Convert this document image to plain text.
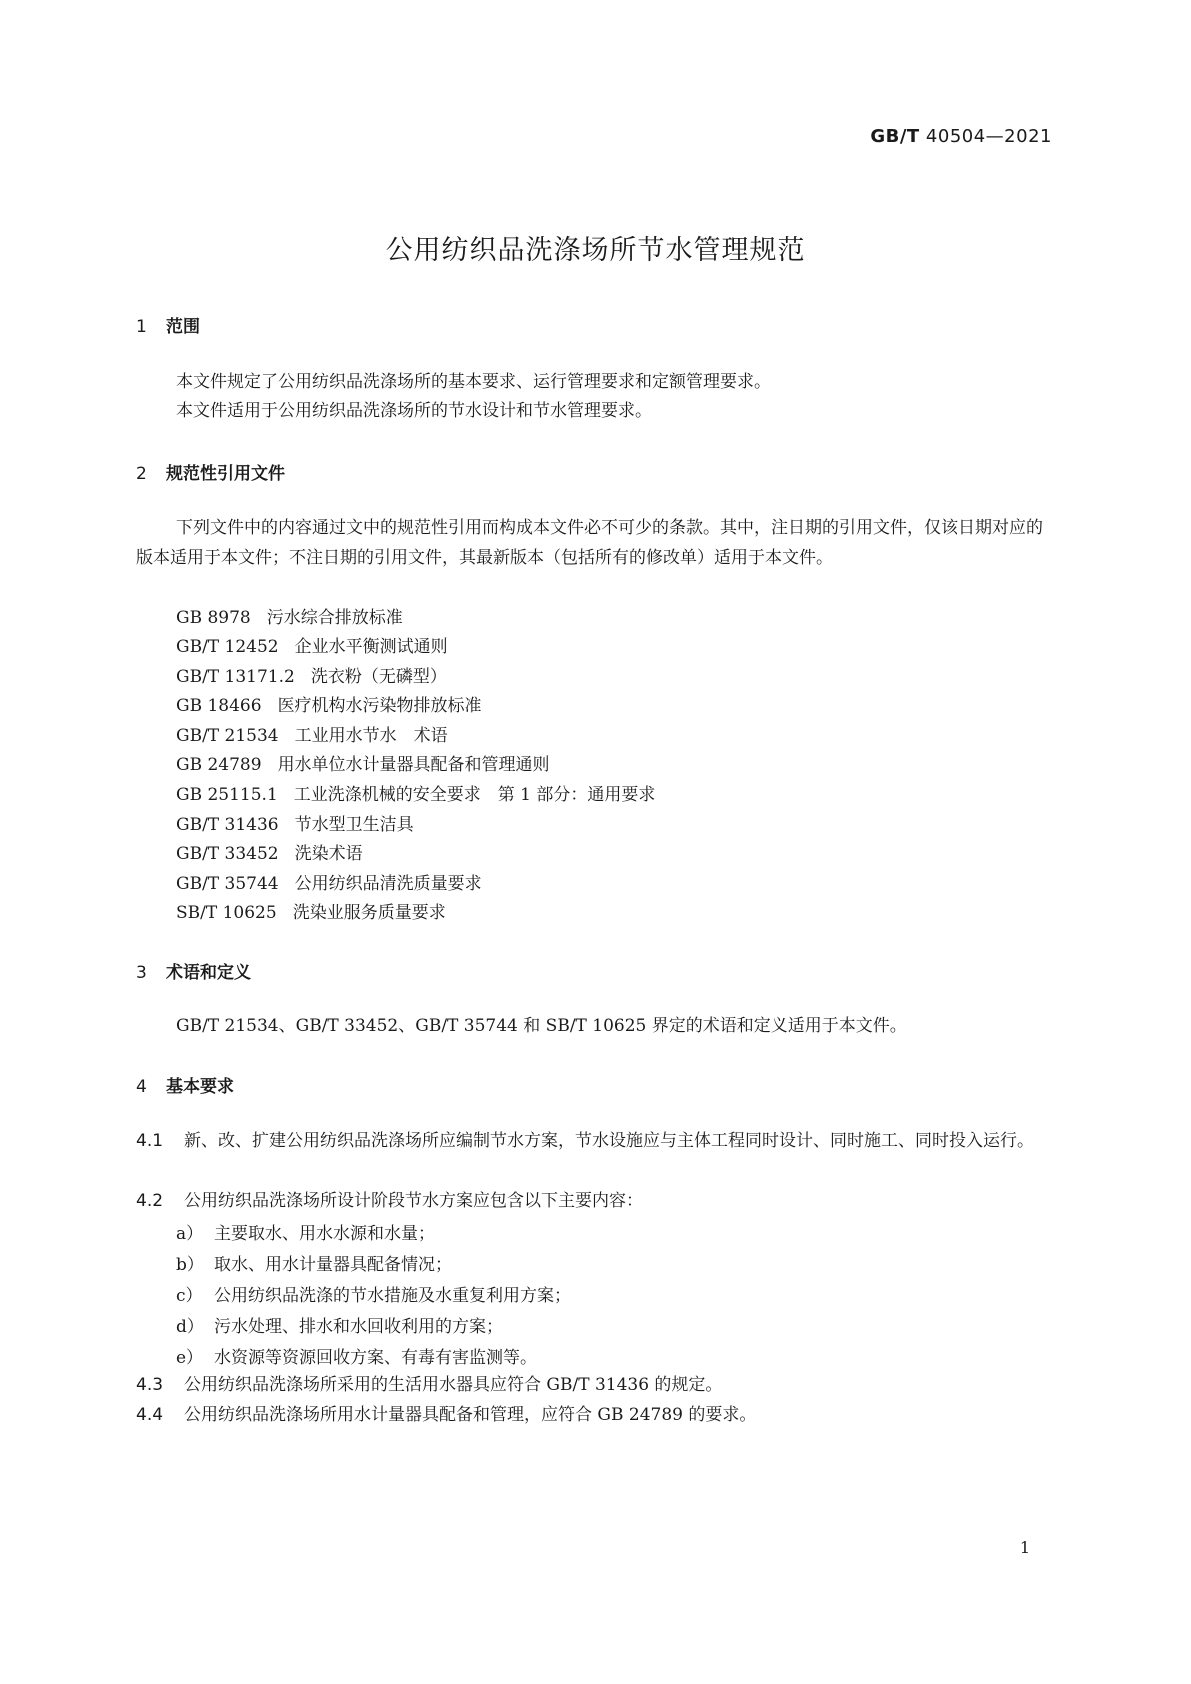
GB/T 40504—2021
公用纺织品洗涤场所节水管理规范
1 范围
本文件规定了公用纺织品洗涤场所的基本要求、运行管理要求和定额管理要求。
本文件适用于公用纺织品洗涤场所的节水设计和节水管理要求。
2 规范性引用文件
下列文件中的内容通过文中的规范性引用而构成本文件必不可少的条款。其中，注日期的引用文件，仅该日期对应的版本适用于本文件；不注日期的引用文件，其最新版本（包括所有的修改单）适用于本文件。
GB 8978 污水综合排放标准
GB/T 12452 企业水平衡测试通则
GB/T 13171.2 洗衣粉（无磷型）
GB 18466 医疗机构水污染物排放标准
GB/T 21534 工业用水节水　术语
GB 24789 用水单位水计量器具配备和管理通则
GB 25115.1 工业洗涤机械的安全要求　第 1 部分：通用要求
GB/T 31436 节水型卫生洁具
GB/T 33452 洗染术语
GB/T 35744 公用纺织品清洗质量要求
SB/T 10625 洗染业服务质量要求
3 术语和定义
GB/T 21534、GB/T 33452、GB/T 35744 和 SB/T 10625 界定的术语和定义适用于本文件。
4 基本要求
4.1 新、改、扩建公用纺织品洗涤场所应编制节水方案，节水设施应与主体工程同时设计、同时施工、同时投入运行。
4.2 公用纺织品洗涤场所设计阶段节水方案应包含以下主要内容：
a） 主要取水、用水水源和水量；
b） 取水、用水计量器具配备情况；
c） 公用纺织品洗涤的节水措施及水重复利用方案；
d） 污水处理、排水和水回收利用的方案；
e） 水资源等资源回收方案、有毒有害监测等。
4.3 公用纺织品洗涤场所采用的生活用水器具应符合 GB/T 31436 的规定。
4.4 公用纺织品洗涤场所用水计量器具配备和管理，应符合 GB 24789 的要求。
1
